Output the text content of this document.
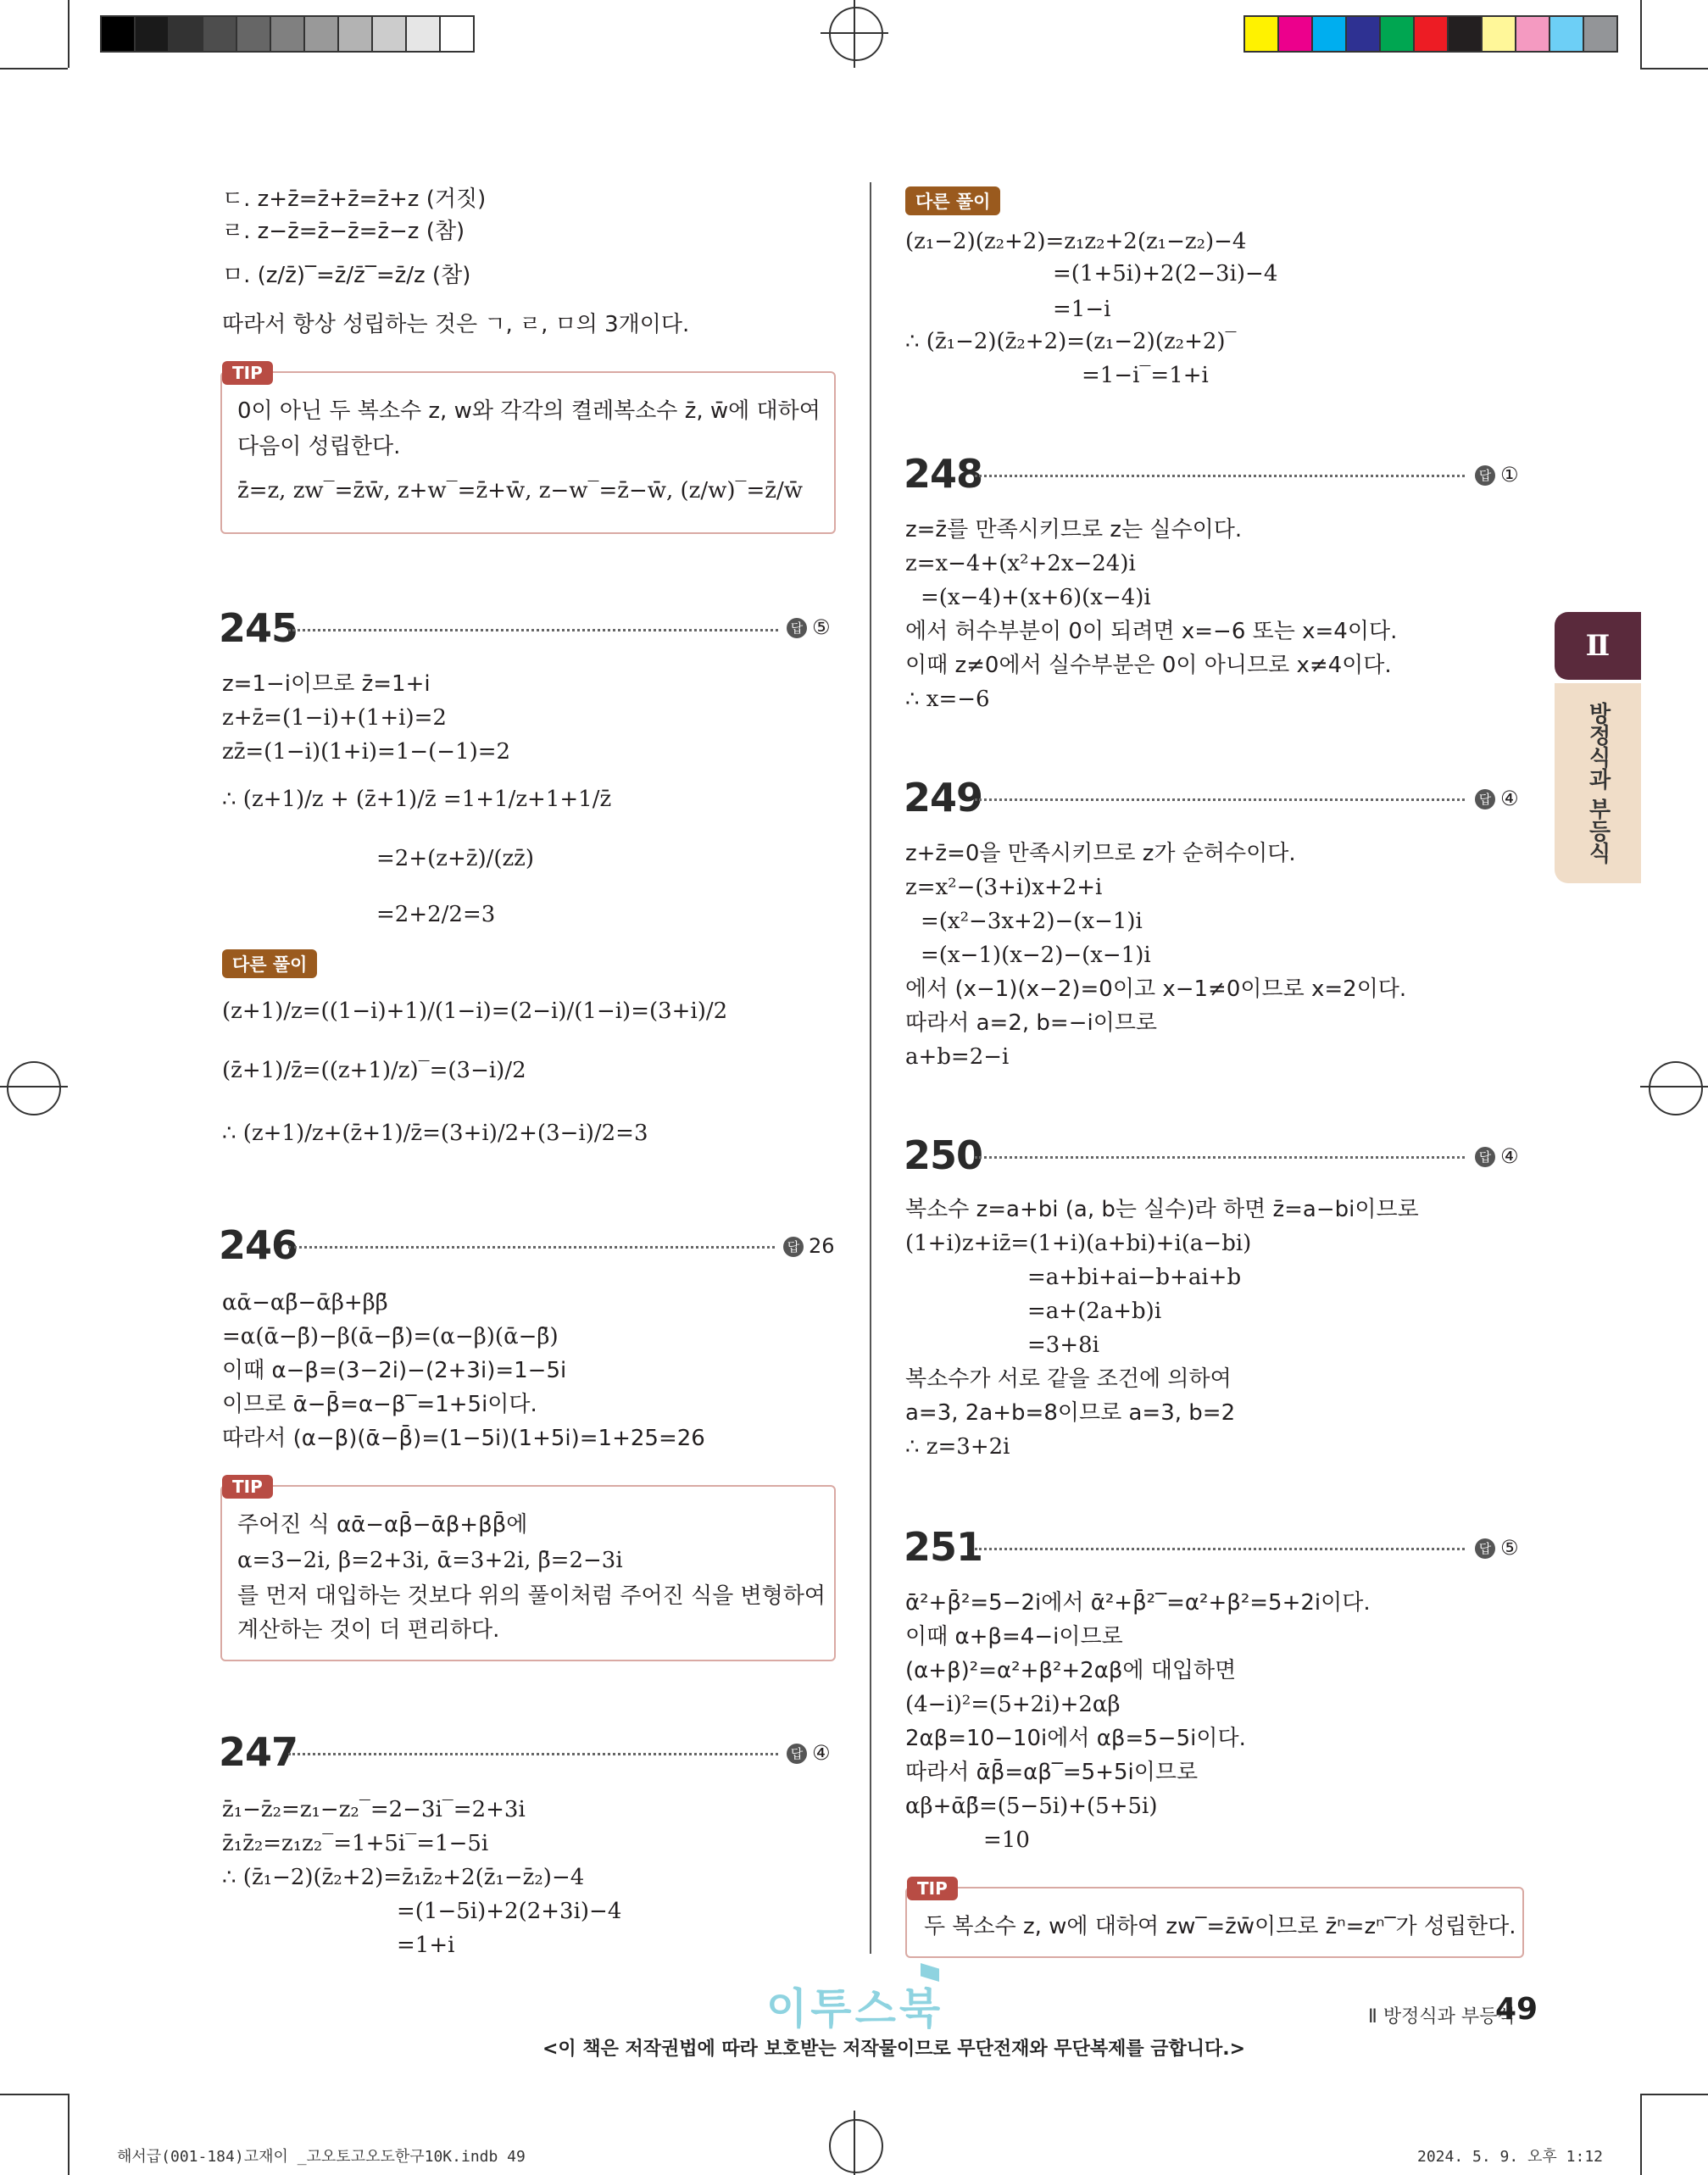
ㄷ. z+z̄=z̄+z̄=z̄+z (거짓)
ㄹ. z−z̄=z̄−z̄=z̄−z (참)
ㅁ. (z/z̄)‾=z̄/z̄‾=z̄/z (참)
따라서 항상 성립하는 것은 ㄱ, ㄹ, ㅁ의 3개이다.
TIP
0이 아닌 두 복소수 z, w와 각각의 켤레복소수 z̄, w̄에 대하여
다음이 성립한다.
z̄̄=z, zw‾=z̄w̄, z+w‾=z̄+w̄, z−w‾=z̄−w̄, (z/w)‾=z̄/w̄
245	답 ⑤
z=1−i이므로 z̄=1+i
z+z̄=(1−i)+(1+i)=2
zz̄=(1−i)(1+i)=1−(−1)=2
∴ (z+1)/z + (z̄+1)/z̄ =1+1/z+1+1/z̄
=2+(z+z̄)/(zz̄)
=2+2/2=3
다른 풀이
(z+1)/z=((1−i)+1)/(1−i)=(2−i)/(1−i)=(3+i)/2
(z̄+1)/z̄=((z+1)/z)‾=(3−i)/2
∴ (z+1)/z+(z̄+1)/z̄=(3+i)/2+(3−i)/2=3
246	답 26
αᾱ−αβ̄−ᾱβ+ββ̄
=α(ᾱ−β̄)−β(ᾱ−β̄)=(α−β)(ᾱ−β̄)
이때 α−β=(3−2i)−(2+3i)=1−5i
이므로 ᾱ−β̄=α−β‾=1+5i이다.
따라서 (α−β)(ᾱ−β̄)=(1−5i)(1+5i)=1+25=26
TIP
주어진 식 αᾱ−αβ̄−ᾱβ+ββ̄에
α=3−2i, β=2+3i, ᾱ=3+2i, β̄=2−3i
를 먼저 대입하는 것보다 위의 풀이처럼 주어진 식을 변형하여
계산하는 것이 더 편리하다.
247	답 ④
z̄₁−z̄₂=z₁−z₂‾=2−3i‾=2+3i
z̄₁z̄₂=z₁z₂‾=1+5i‾=1−5i
∴ (z̄₁−2)(z̄₂+2)=z̄₁z̄₂+2(z̄₁−z̄₂)−4
=(1−5i)+2(2+3i)−4
=1+i
다른 풀이
(z₁−2)(z₂+2)=z₁z₂+2(z₁−z₂)−4
=(1+5i)+2(2−3i)−4
=1−i
∴ (z̄₁−2)(z̄₂+2)=(z₁−2)(z₂+2)‾
=1−i‾=1+i
248	답 ①
z=z̄를 만족시키므로 z는 실수이다.
z=x−4+(x²+2x−24)i
=(x−4)+(x+6)(x−4)i
에서 허수부분이 0이 되려면 x=−6 또는 x=4이다.
이때 z≠0에서 실수부분은 0이 아니므로 x≠4이다.
∴ x=−6
249	답 ④
z+z̄=0을 만족시키므로 z가 순허수이다.
z=x²−(3+i)x+2+i
=(x²−3x+2)−(x−1)i
=(x−1)(x−2)−(x−1)i
에서 (x−1)(x−2)=0이고 x−1≠0이므로 x=2이다.
따라서 a=2, b=−i이므로
a+b=2−i
250	답 ④
복소수 z=a+bi (a, b는 실수)라 하면 z̄=a−bi이므로
(1+i)z+iz̄=(1+i)(a+bi)+i(a−bi)
=a+bi+ai−b+ai+b
=a+(2a+b)i
=3+8i
복소수가 서로 같을 조건에 의하여
a=3, 2a+b=8이므로 a=3, b=2
∴ z=3+2i
251	답 ⑤
ᾱ²+β̄²=5−2i에서 ᾱ²+β̄²‾=α²+β²=5+2i이다.
이때 α+β=4−i이므로
(α+β)²=α²+β²+2αβ에 대입하면
(4−i)²=(5+2i)+2αβ
2αβ=10−10i에서 αβ=5−5i이다.
따라서 ᾱβ̄=αβ‾=5+5i이므로
αβ+ᾱβ̄=(5−5i)+(5+5i)
=10
TIP
두 복소수 z, w에 대하여 zw‾=z̄w̄이므로 z̄ⁿ=zⁿ‾가 성립한다.
Ⅱ
방정식과 부등식
이투스북	Ⅱ 방정식과 부등식
49
<이 책은 저작권법에 따라 보호받는 저작물이므로 무단전재와 무단복제를 금합니다.>
해서급(001-184)고재이 _고오토고오도한구10K.indb 49	2024. 5. 9. 오후 1:12
